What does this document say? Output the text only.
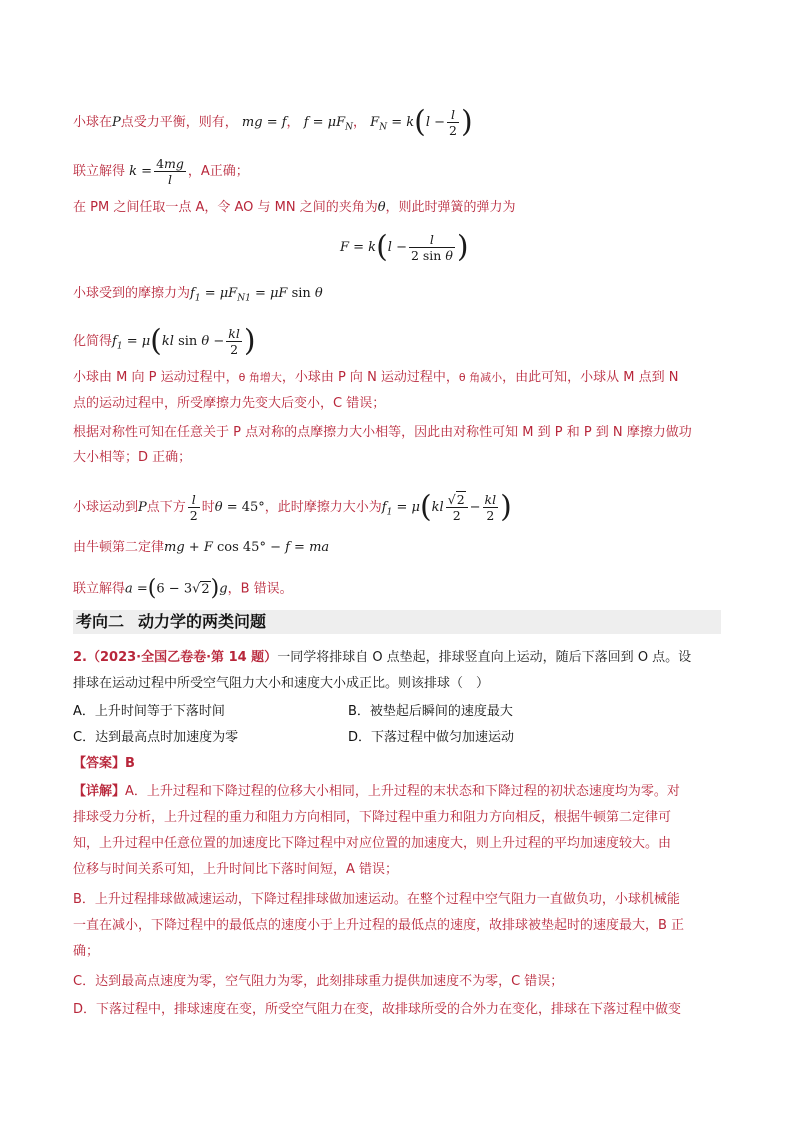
小球在P点受力平衡，则有， mg = f， $f = \mu F_N$， $F_N = k(l - \frac{l}{2}$ )
联立解得 $k = \frac{4mg}{l}$ ，A正确；
在 PM 之间任取一点 A，令 AO 与 MN 之间的夹角为θ，则此时弹簧的弹力为
$F = k(l - \frac{l}{\text{2 sin θ}}$ )
小球受到的摩擦力为$f_1 = \mu F_{N1} = \mu F$ sin θ
化简得$f_1 = \mu(kl$ $\sin \theta - \frac{kl}{2}$ )
小球由 M 向 P 运动过程中，θ 角增大，小球由 P 向 N 运动过程中，θ 角减小，由此可知，小球从 M 点到 N
点的运动过程中，所受摩擦力先变大后变小，C 错误；
根据对称性可知在任意关于 P 点对称的点摩擦力大小相等，因此由对称性可知 M 到 P 和 P 到 N 摩擦力做功
大小相等；D 正确；
小球运动到P点下方 $\frac{l}{2}$ 时θ = 45°，此时摩擦力大小为$f_1 = \mu(kl \frac{√2}{2} - \frac{kl}{2}$ )
由牛顿第二定律mg + F cos 45° − f = ma
联立解得a =(6 − 3√2)g，B 错误。
考向二 动力学的两类问题
2.（2023·全国乙卷卷·第 14 题）一同学将排球自 O 点垫起，排球竖直向上运动，随后下落回到 O 点。设
排球在运动过程中所受空气阻力大小和速度大小成正比。则该排球（　）
A．上升时间等于下落时间	B．被垫起后瞬间的速度最大
C．达到最高点时加速度为零	D．下落过程中做匀加速运动
【答案】B
【详解】A．上升过程和下降过程的位移大小相同，上升过程的末状态和下降过程的初状态速度均为零。对
排球受力分析，上升过程的重力和阻力方向相同，下降过程中重力和阻力方向相反，根据牛顿第二定律可
知，上升过程中任意位置的加速度比下降过程中对应位置的加速度大，则上升过程的平均加速度较大。由
位移与时间关系可知，上升时间比下落时间短，A 错误；
B．上升过程排球做减速运动，下降过程排球做加速运动。在整个过程中空气阻力一直做负功，小球机械能
一直在减小，下降过程中的最低点的速度小于上升过程的最低点的速度，故排球被垫起时的速度最大，B 正
确；
C．达到最高点速度为零，空气阻力为零，此刻排球重力提供加速度不为零，C 错误；
D．下落过程中，排球速度在变，所受空气阻力在变，故排球所受的合外力在变化，排球在下落过程中做变
